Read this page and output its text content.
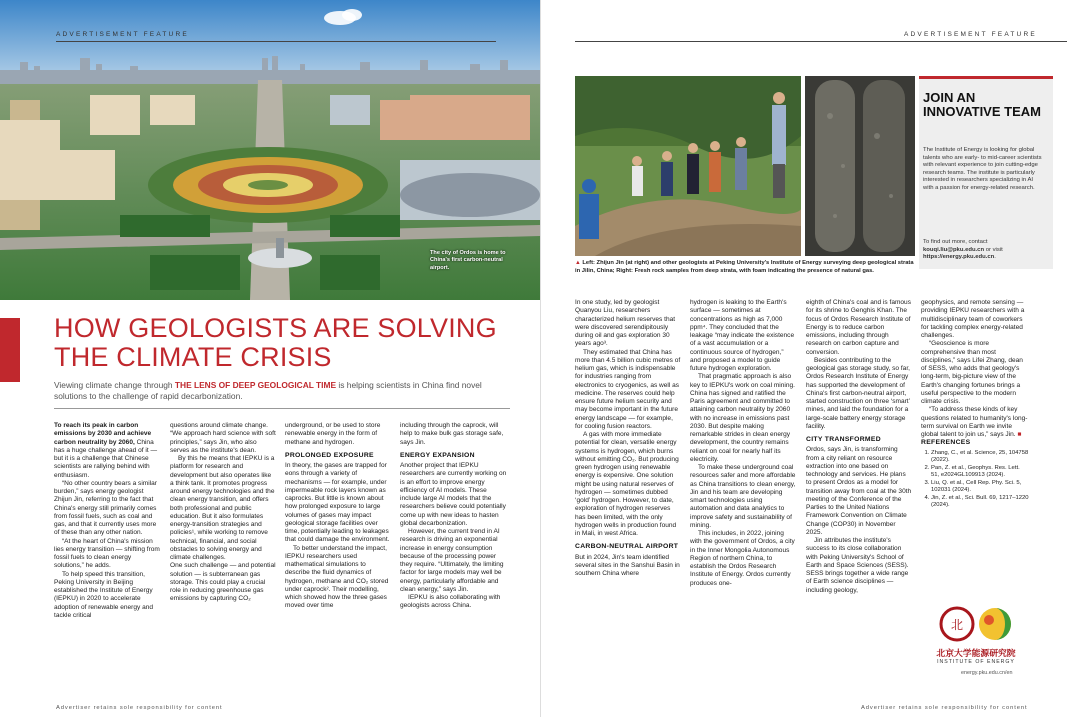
The city of Ordos is home to China's first carbon-neutral airport.
ADVERTISEMENT FEATURE
HOW GEOLOGISTS ARE SOLVING
THE CLIMATE CRISIS
Viewing climate change through THE LENS OF DEEP GEOLOGICAL TIME is helping scientists in China find novel solutions to the challenge of rapid decarbonization.

To reach its peak in carbon emissions by 2030 and achieve carbon neutrality by 2060, China has a huge challenge ahead of it — but it is a challenge that Chinese scientists are rallying behind with enthusiasm.

“No other country bears a similar burden,” says energy geologist Zhijun Jin, referring to the fact that China's energy still primarily comes from fossil fuels, such as coal and gas, and that it currently uses more of these than any other nation.

“At the heart of China's mission lies energy transition — shifting from fossil fuels to clean energy solutions,” he adds.

To help speed this transition, Peking University in Beijing established the Institute of Energy (IEPKU) in 2020 to accelerate adoption of renewable energy and tackle critical

questions around climate change. “We approach hard science with soft principles,” says Jin, who also serves as the institute's dean.

By this he means that IEPKU is a platform for research and development but also operates like a think tank. It promotes progress around energy technologies and the clean energy transition, and offers both professional and public education. But it also formulates energy-transition strategies and policies¹, while working to remove technical, financial, and social obstacles to solving energy and climate challenges.

One such challenge — and potential solution — is subterranean gas storage. This could play a crucial role in reducing greenhouse gas emissions by capturing CO₂

underground, or be used to store renewable energy in the form of methane and hydrogen.

PROLONGED EXPOSURE

In theory, the gases are trapped for eons through a variety of mechanisms — for example, under impermeable rock layers known as caprocks. But little is known about how prolonged exposure to large volumes of gases may impact geological storage facilities over time, potentially leading to leakages that could damage the environment.

To better understand the impact, IEPKU researchers used mathematical simulations to describe the fluid dynamics of hydrogen, methane and CO₂ stored under caprock². Their modelling, which showed how the three gases moved over time

including through the caprock, will help to make bulk gas storage safe, says Jin.

ENERGY EXPANSION

Another project that IEPKU researchers are currently working on is an effort to improve energy efficiency of AI models. These include large AI models that the researchers believe could potentially come up with new ideas to hasten global decarbonization.

However, the current trend in AI research is driving an exponential increase in energy consumption because of the processing power they require. “Ultimately, the limiting factor for large models may well be energy, particularly affordable and clean energy,” says Jin.

IEPKU is also collaborating with geologists across China.

Advertiser retains sole responsibility for content
ADVERTISEMENT FEATURE
▲ Left: Zhijun Jin (at right) and other geologists at Peking University's Institute of Energy surveying deep geological strata in Jilin, China; Right: Fresh rock samples from deep strata, with foam indicating the presence of natural gas.
JOIN AN INNOVATIVE TEAM
The Institute of Energy is looking for global talents who are early- to mid-career scientists with relevant experience to join cutting-edge research teams. The institute is particularly interested in researchers specializing in AI with a passion for energy-related research.
To find out more, contact kouqi.liu@pku.edu.cn or visit https://energy.pku.edu.cn.

In one study, led by geologist Quanyou Liu, researchers characterized helium reserves that were discovered serendipitously during oil and gas exploration 30 years ago³.

They estimated that China has more than 4.5 billion cubic metres of helium gas, which is indispensable for industries ranging from electronics to cryogenics, as well as medicine. The reserves could help ensure future helium security and may become important in the future energy landscape — for example, for cooling fusion reactors.

A gas with more immediate potential for clean, versatile energy systems is hydrogen, which burns without emitting CO₂. But producing green hydrogen using renewable energy is expensive. One solution might be using natural reserves of hydrogen — sometimes dubbed ‘gold’ hydrogen. However, to date, exploration of hydrogen reserves has been limited, with the only hydrogen wells in production found in Mali, in west Africa.

CARBON-NEUTRAL AIRPORT

But in 2024, Jin's team identified several sites in the Sanshui Basin in southern China where

hydrogen is leaking to the Earth's surface — sometimes at concentrations as high as 7,000 ppm⁴. They concluded that the leakage “may indicate the existence of a vast accumulation or a continuous source of hydrogen,” and proposed a model to guide future hydrogen exploration.

That pragmatic approach is also key to IEPKU's work on coal mining. China has signed and ratified the Paris agreement and committed to attaining carbon neutrality by 2060 with no increase in emissions past 2030. But despite making remarkable strides in clean energy development, the country remains reliant on coal for nearly half its electricity.

To make these underground coal resources safer and more affordable as China transitions to clean energy, Jin and his team are developing smart technologies using automation and data analytics to improve safety and sustainability of mining.

This includes, in 2022, joining with the government of Ordos, a city in the Inner Mongolia Autonomous Region of northern China, to establish the Ordos Research Institute of Energy. Ordos currently produces one-

eighth of China's coal and is famous for its shrine to Genghis Khan. The focus of Ordos Research Institute of Energy is to reduce carbon emissions, including through research on carbon capture and conversion.

Besides contributing to the geological gas storage study, so far, Ordos Research Institute of Energy has supported the development of China's first carbon-neutral airport, started construction on three ‘smart’ mines, and laid the foundation for a large-scale battery energy storage facility.

CITY TRANSFORMED

Ordos, says Jin, is transforming from a city reliant on resource extraction into one based on technology and services. He plans to present Ordos as a model for transition away from coal at the 30th meeting of the Conference of the Parties to the United Nations Framework Convention on Climate Change (COP30) in November 2025.

Jin attributes the institute's success to its close collaboration with Peking University's School of Earth and Space Sciences (SESS). SESS brings together a wide range of Earth science disciplines — including geology,

geophysics, and remote sensing — providing IEPKU researchers with a multidisciplinary team of coworkers for tackling complex energy-related challenges.

“Geoscience is more comprehensive than most disciplines,” says Lifei Zhang, dean of SESS, who adds that geology's long-term, big-picture view of the Earth's changing fortunes brings a useful perspective to the modern climate crisis.

“To address these kinds of key questions related to humanity's long-term survival on Earth we invite global talent to join us,” says Jin. ■

REFERENCES
1. Zhang, C., et al. Science, 25, 104758 (2022).
2. Pan, Z. et al., Geophys. Res. Lett. 51, e2024GL109913 (2024).
3. Liu, Q. et al., Cell Rep. Phy. Sci. 5, 102031 (2024).
4. Jin, Z. et al., Sci. Bull. 69, 1217–1220 (2024).
北
北京大学能源研究院
INSTITUTE OF ENERGY
energy.pku.edu.cn/en
Advertiser retains sole responsibility for content
